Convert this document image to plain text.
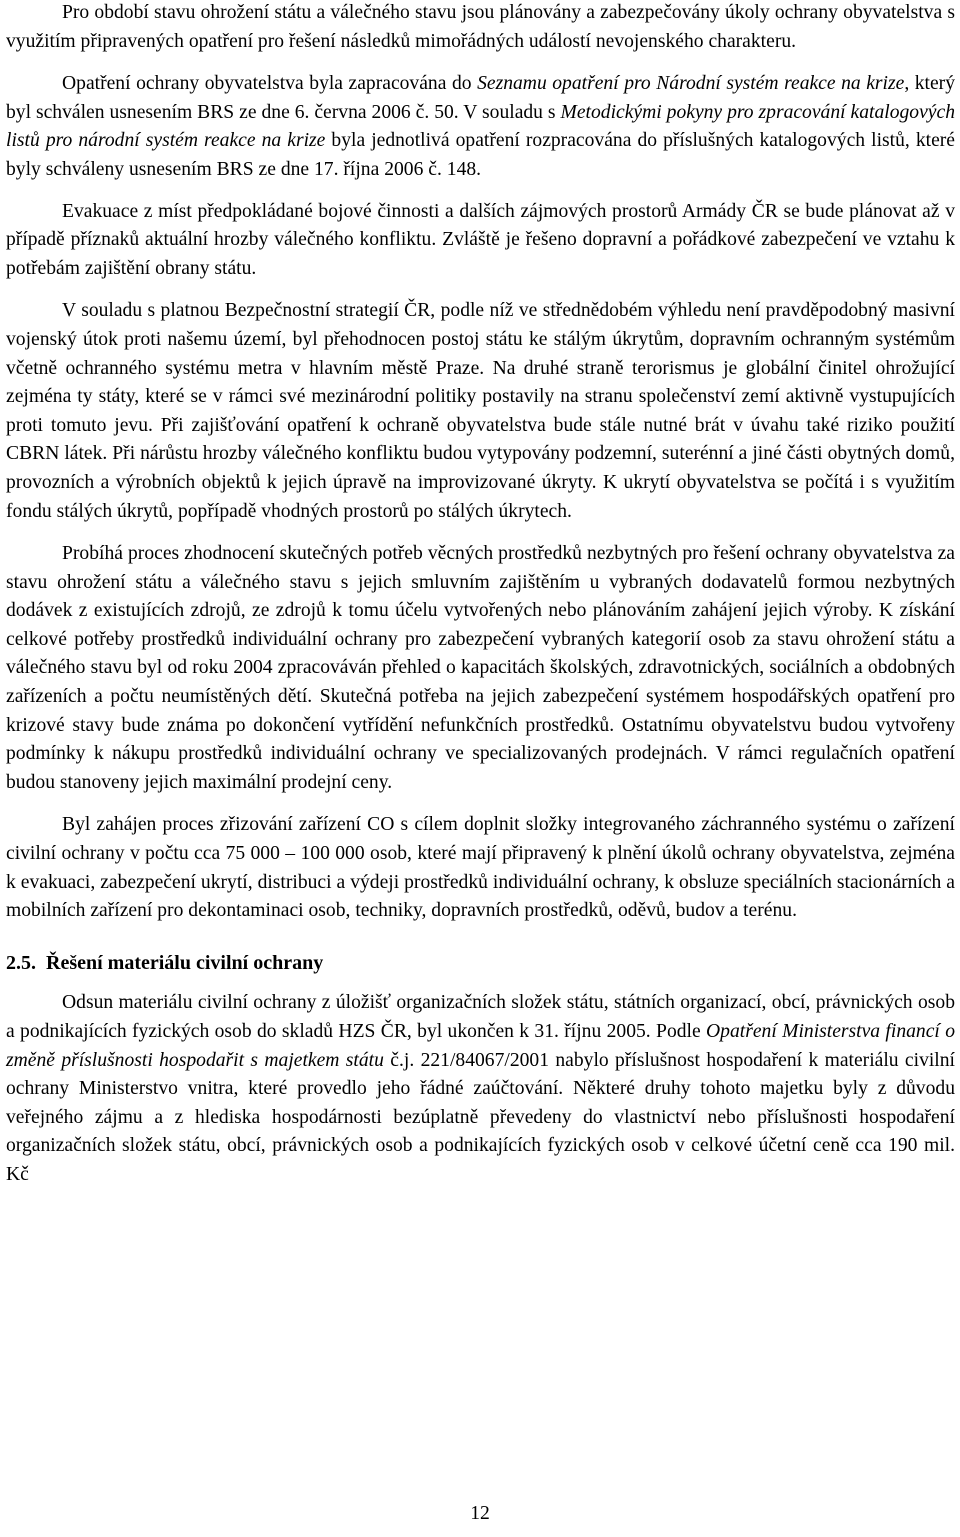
Pro období stavu ohrožení státu a válečného stavu jsou plánovány a zabezpečovány úkoly ochrany obyvatelstva s využitím připravených opatření pro řešení následků mimořádných událostí nevojenského charakteru.

Opatření ochrany obyvatelstva byla zapracována do Seznamu opatření pro Národní systém reakce na krize, který byl schválen usnesením BRS ze dne 6. června 2006 č. 50. V souladu s Metodickými pokyny pro zpracování katalogových listů pro národní systém reakce na krize byla jednotlivá opatření rozpracována do příslušných katalogových listů, které byly schváleny usnesením BRS ze dne 17. října 2006 č. 148.

Evakuace z míst předpokládané bojové činnosti a dalších zájmových prostorů Armády ČR se bude plánovat až v případě příznaků aktuální hrozby válečného konfliktu. Zvláště je řešeno dopravní a pořádkové zabezpečení ve vztahu k potřebám zajištění obrany státu.

V souladu s platnou Bezpečnostní strategií ČR, podle níž ve střednědobém výhledu není pravděpodobný masivní vojenský útok proti našemu území, byl přehodnocen postoj státu ke stálým úkrytům, dopravním ochranným systémům včetně ochranného systému metra v hlavním městě Praze. Na druhé straně terorismus je globální činitel ohrožující zejména ty státy, které se v rámci své mezinárodní politiky postavily na stranu společenství zemí aktivně vystupujících proti tomuto jevu. Při zajišťování opatření k ochraně obyvatelstva bude stále nutné brát v úvahu také riziko použití CBRN látek. Při nárůstu hrozby válečného konfliktu budou vytypovány podzemní, suterénní a jiné části obytných domů, provozních a výrobních objektů k jejich úpravě na improvizované úkryty. K ukrytí obyvatelstva se počítá i s využitím fondu stálých úkrytů, popřípadě vhodných prostorů po stálých úkrytech.

Probíhá proces zhodnocení skutečných potřeb věcných prostředků nezbytných pro řešení ochrany obyvatelstva za stavu ohrožení státu a válečného stavu s jejich smluvním zajištěním u vybraných dodavatelů formou nezbytných dodávek z existujících zdrojů, ze zdrojů k tomu účelu vytvořených nebo plánováním zahájení jejich výroby. K získání celkové potřeby prostředků individuální ochrany pro zabezpečení vybraných kategorií osob za stavu ohrožení státu a válečného stavu byl od roku 2004 zpracováván přehled o kapacitách školských, zdravotnických, sociálních a obdobných zařízeních a počtu neumístěných dětí. Skutečná potřeba na jejich zabezpečení systémem hospodářských opatření pro krizové stavy bude známa po dokončení vytřídění nefunkčních prostředků. Ostatnímu obyvatelstvu budou vytvořeny podmínky k nákupu prostředků individuální ochrany ve specializovaných prodejnách. V rámci regulačních opatření budou stanoveny jejich maximální prodejní ceny.

Byl zahájen proces zřizování zařízení CO s cílem doplnit složky integrovaného záchranného systému o zařízení civilní ochrany v počtu cca 75 000 – 100 000 osob, které mají připravený k plnění úkolů ochrany obyvatelstva, zejména k evakuaci, zabezpečení ukrytí, distribuci a výdeji prostředků individuální ochrany, k obsluze speciálních stacionárních a mobilních zařízení pro dekontaminaci osob, techniky, dopravních prostředků, oděvů, budov a terénu.

2.5. Řešení materiálu civilní ochrany

Odsun materiálu civilní ochrany z úložišť organizačních složek státu, státních organizací, obcí, právnických osob a podnikajících fyzických osob do skladů HZS ČR, byl ukončen k 31. říjnu 2005. Podle Opatření Ministerstva financí o změně příslušnosti hospodařit s majetkem státu č.j. 221/84067/2001 nabylo příslušnost hospodaření k materiálu civilní ochrany Ministerstvo vnitra, které provedlo jeho řádné zaúčtování. Některé druhy tohoto majetku byly z důvodu veřejného zájmu a z hlediska hospodárnosti bezúplatně převedeny do vlastnictví nebo příslušnosti hospodaření organizačních složek státu, obcí, právnických osob a podnikajících fyzických osob v celkové účetní ceně cca 190 mil. Kč

12
